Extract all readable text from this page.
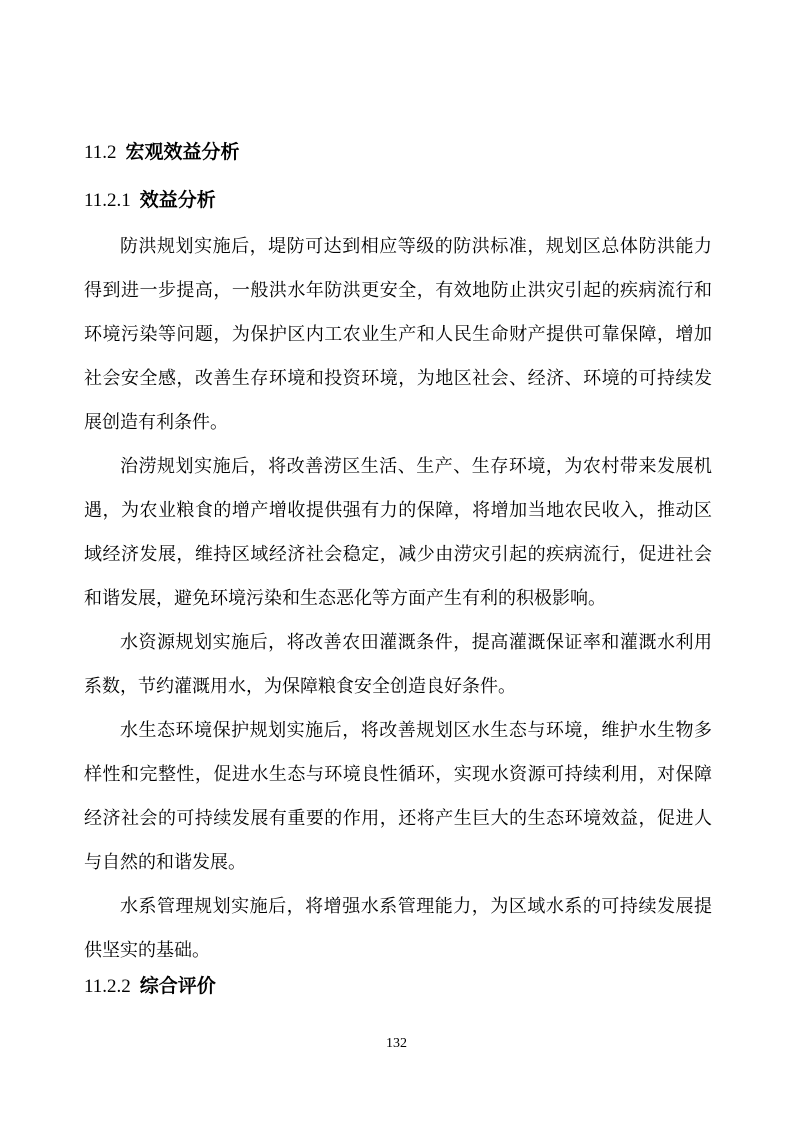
11.2 宏观效益分析
11.2.1 效益分析

防洪规划实施后，堤防可达到相应等级的防洪标准，规划区总体防洪能力得到进一步提高，一般洪水年防洪更安全，有效地防止洪灾引起的疾病流行和环境污染等问题，为保护区内工农业生产和人民生命财产提供可靠保障，增加社会安全感，改善生存环境和投资环境，为地区社会、经济、环境的可持续发展创造有利条件。

治涝规划实施后，将改善涝区生活、生产、生存环境，为农村带来发展机遇，为农业粮食的增产增收提供强有力的保障，将增加当地农民收入，推动区域经济发展，维持区域经济社会稳定，减少由涝灾引起的疾病流行，促进社会和谐发展，避免环境污染和生态恶化等方面产生有利的积极影响。

水资源规划实施后，将改善农田灌溉条件，提高灌溉保证率和灌溉水利用系数，节约灌溉用水，为保障粮食安全创造良好条件。

水生态环境保护规划实施后，将改善规划区水生态与环境，维护水生物多样性和完整性，促进水生态与环境良性循环，实现水资源可持续利用，对保障经济社会的可持续发展有重要的作用，还将产生巨大的生态环境效益，促进人与自然的和谐发展。

水系管理规划实施后，将增强水系管理能力，为区域水系的可持续发展提供坚实的基础。

11.2.2 综合评价
132
